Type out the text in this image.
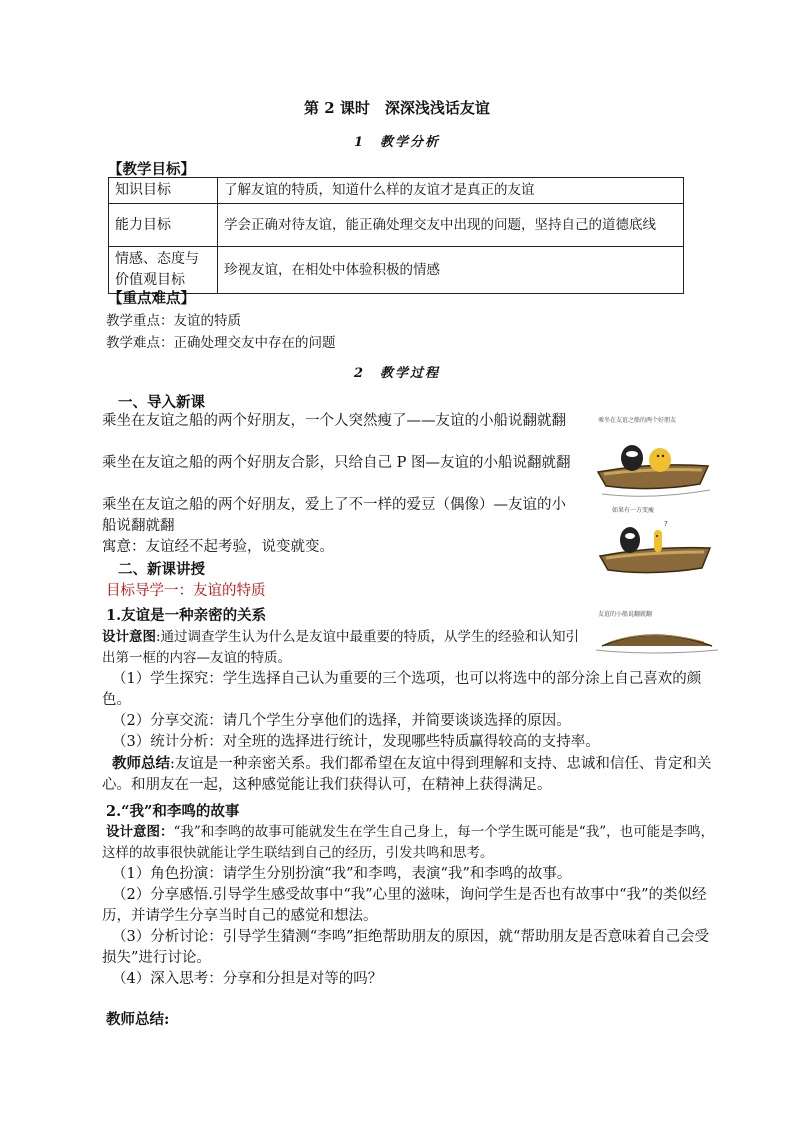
第 2 课时　深深浅浅话友谊
1　教学分析
【教学目标】
知识目标	了解友谊的特质，知道什么样的友谊才是真正的友谊
能力目标	学会正确对待友谊，能正确处理交友中出现的问题，坚持自己的道德底线
情感、态度与价值观目标	珍视友谊，在相处中体验积极的情感
【重点难点】
教学重点：友谊的特质
教学难点：正确处理交友中存在的问题
2　教学过程
一、导入新课
乘坐在友谊之船的两个好朋友，一个人突然瘦了——友谊的小船说翻就翻
乘坐在友谊之船的两个好朋友合影，只给自己 P 图—友谊的小船说翻就翻
乘坐在友谊之船的两个好朋友，爱上了不一样的爱豆（偶像）—友谊的小船说翻就翻
寓意：友谊经不起考验，说变就变。
二、新课讲授
目标导学一：友谊的特质
1.友谊是一种亲密的关系
设计意图:通过调查学生认为什么是友谊中最重要的特质，从学生的经验和认知引出第一框的内容—友谊的特质。
（1）学生探究：学生选择自己认为重要的三个选项，也可以将选中的部分涂上自己喜欢的颜色。
（2）分享交流：请几个学生分享他们的选择，并简要谈谈选择的原因。
（3）统计分析：对全班的选择进行统计，发现哪些特质赢得较高的支持率。
教师总结:友谊是一种亲密关系。我们都希望在友谊中得到理解和支持、忠诚和信任、肯定和关心。和朋友在一起，这种感觉能让我们获得认可，在精神上获得满足。
2.“我”和李鸣的故事
设计意图：“我”和李鸣的故事可能就发生在学生自己身上，每一个学生既可能是“我”，也可能是李鸣，这样的故事很快就能让学生联结到自己的经历，引发共鸣和思考。
（1）角色扮演：请学生分别扮演“我”和李鸣，表演“我”和李鸣的故事。
（2）分享感悟.引导学生感受故事中“我”心里的滋味，询问学生是否也有故事中“我”的类似经历，并请学生分享当时自己的感觉和想法。
（3）分析讨论：引导学生猜测“李鸣”拒绝帮助朋友的原因，就“帮助朋友是否意味着自己会受损失”进行讨论。
（4）深入思考：分享和分担是对等的吗？
教师总结:
乘坐在友谊之船的两个好朋友
如果有一方变瘦
?
友谊的小船说翻就翻
